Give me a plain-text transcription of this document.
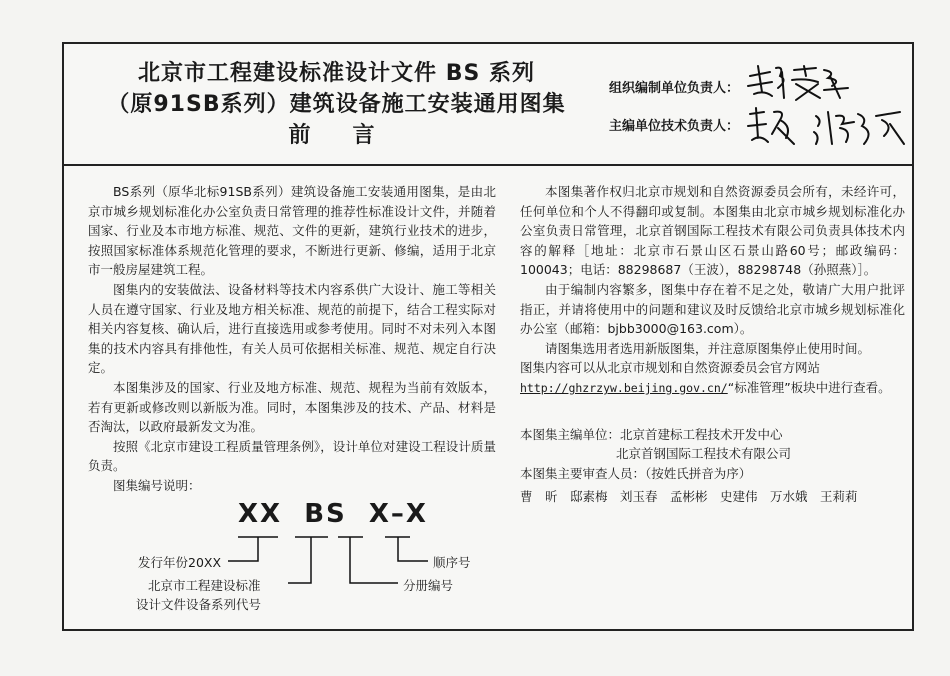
北京市工程建设标准设计文件 BS 系列
（原91SB系列）建筑设备施工安装通用图集
前　言
组织编制单位负责人：
主编单位技术负责人：

BS系列（原华北标91SB系列）建筑设备施工安装通用图集，是由北京市城乡规划标准化办公室负责日常管理的推荐性标准设计文件，并随着国家、行业及本市地方标准、规范、文件的更新，建筑行业技术的进步，按照国家标准体系规范化管理的要求，不断进行更新、修编，适用于北京市一般房屋建筑工程。

图集内的安装做法、设备材料等技术内容系供广大设计、施工等相关人员在遵守国家、行业及地方相关标准、规范的前提下，结合工程实际对相关内容复核、确认后，进行直接选用或参考使用。同时不对未列入本图集的技术内容具有排他性，有关人员可依据相关标准、规范、规定自行决定。

本图集涉及的国家、行业及地方标准、规范、规程为当前有效版本，若有更新或修改则以新版为准。同时，本图集涉及的技术、产品、材料是否淘汰，以政府最新发文为准。

按照《北京市建设工程质量管理条例》，设计单位对建设工程设计质量负责。

图集编号说明：

XX BS X–X
发行年份20XX
北京市工程建设标准
设计文件设备系列代号
顺序号
分册编号

本图集著作权归北京市规划和自然资源委员会所有，未经许可，任何单位和个人不得翻印或复制。本图集由北京市城乡规划标准化办公室负责日常管理，北京首钢国际工程技术有限公司负责具体技术内容的解释［地址：北京市石景山区石景山路60号；邮政编码：100043；电话：88298687（王波），88298748（孙照燕）］。

由于编制内容繁多，图集中存在着不足之处，敬请广大用户批评指正，并请将使用中的问题和建议及时反馈给北京市城乡规划标准化办公室（邮箱：bjbb3000@163.com）。

请图集选用者选用新版图集，并注意原图集停止使用时间。

图集内容可以从北京市规划和自然资源委员会官方网站

http://ghzrzyw.beijing.gov.cn/“标准管理”板块中进行查看。

本图集主编单位：北京首建标工程技术开发中心

北京首钢国际工程技术有限公司

本图集主要审查人员：（按姓氏拼音为序）

曹　昕　邸素梅　刘玉春　孟彬彬　史建伟　万水娥　王莉莉
